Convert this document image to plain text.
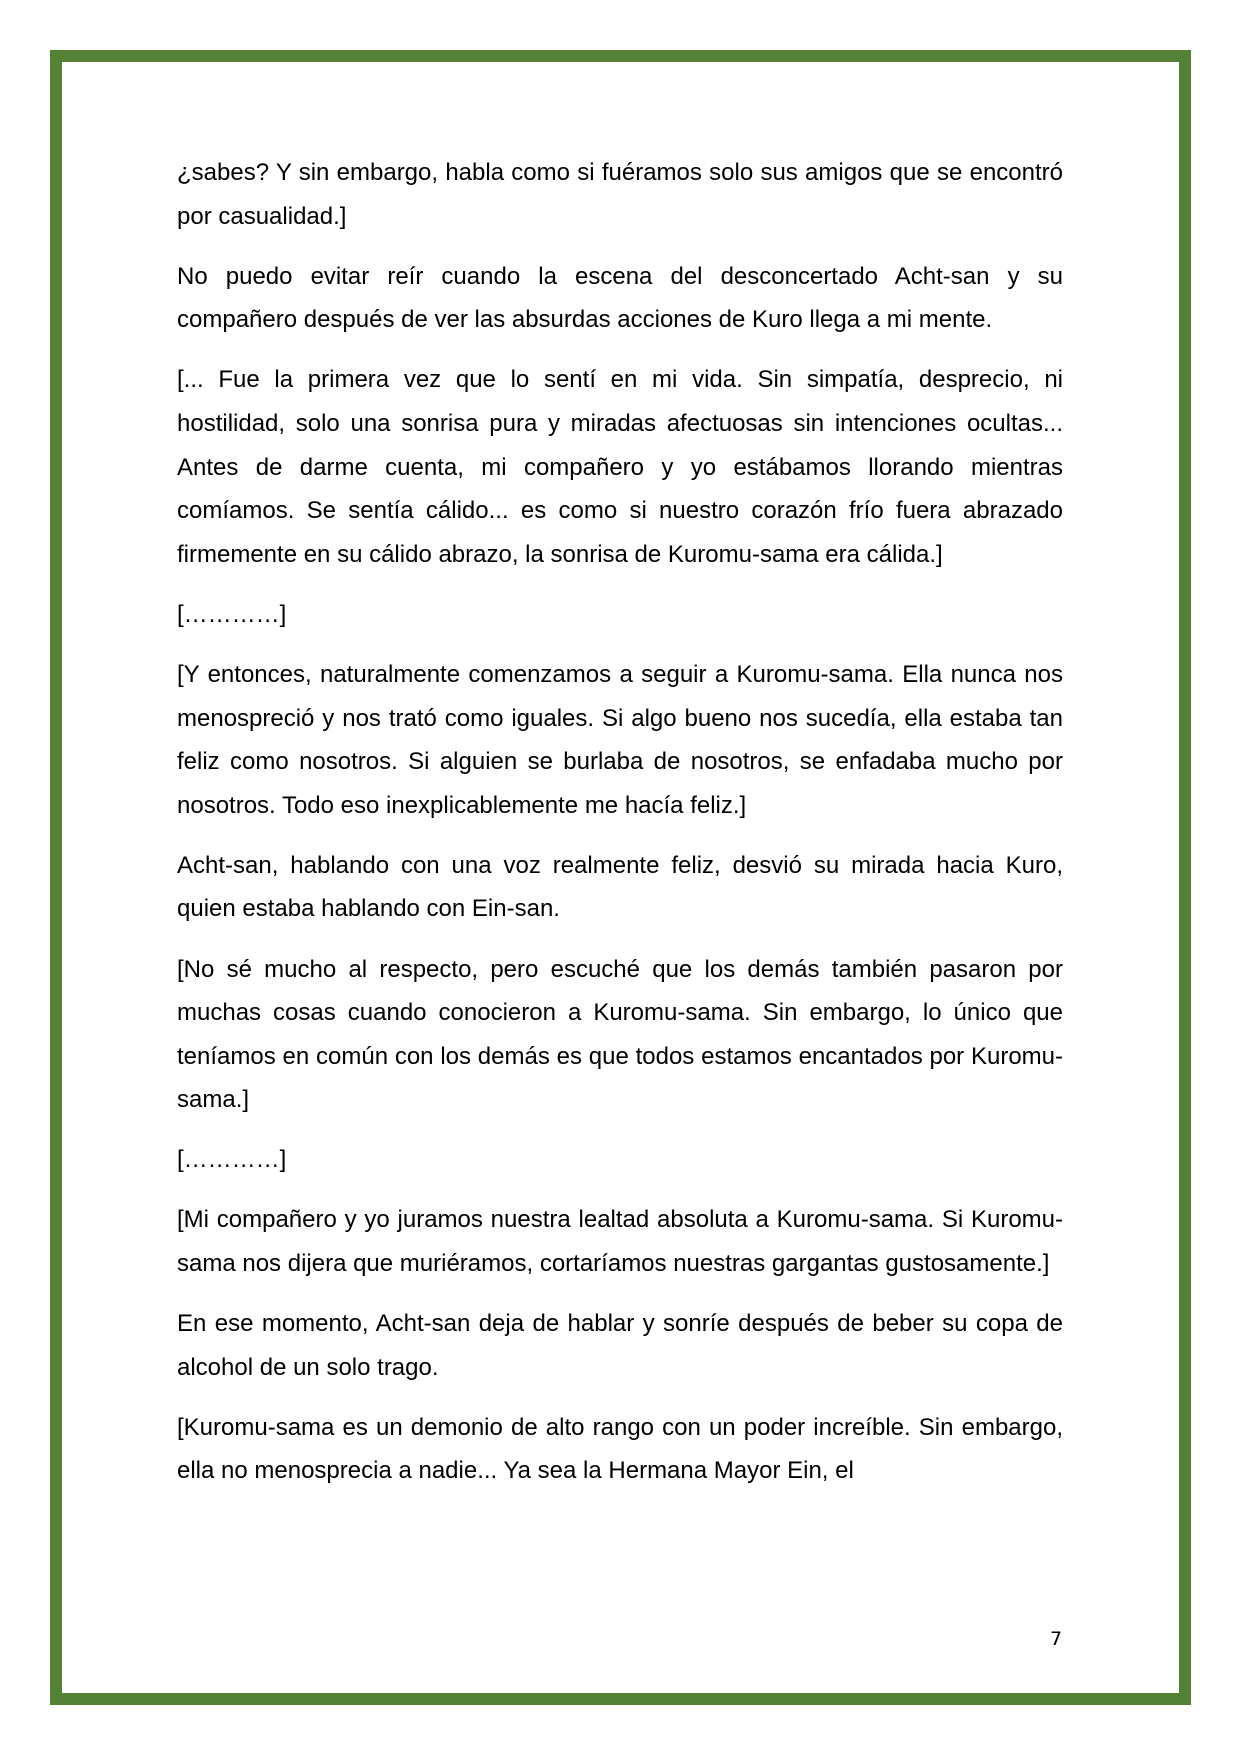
¿sabes? Y sin embargo, habla como si fuéramos solo sus amigos que se encontró por casualidad.]

No puedo evitar reír cuando la escena del desconcertado Acht-san y su compañero después de ver las absurdas acciones de Kuro llega a mi mente.

[... Fue la primera vez que lo sentí en mi vida. Sin simpatía, desprecio, ni hostilidad, solo una sonrisa pura y miradas afectuosas sin intenciones ocultas... Antes de darme cuenta, mi compañero y yo estábamos llorando mientras comíamos. Se sentía cálido... es como si nuestro corazón frío fuera abrazado firmemente en su cálido abrazo, la sonrisa de Kuromu-sama era cálida.]

[…………]

[Y entonces, naturalmente comenzamos a seguir a Kuromu-sama. Ella nunca nos menospreció y nos trató como iguales. Si algo bueno nos sucedía, ella estaba tan feliz como nosotros. Si alguien se burlaba de nosotros, se enfadaba mucho por nosotros. Todo eso inexplicablemente me hacía feliz.]

Acht-san, hablando con una voz realmente feliz, desvió su mirada hacia Kuro, quien estaba hablando con Ein-san.

[No sé mucho al respecto, pero escuché que los demás también pasaron por muchas cosas cuando conocieron a Kuromu-sama. Sin embargo, lo único que teníamos en común con los demás es que todos estamos encantados por Kuromu-sama.]

[…………]

[Mi compañero y yo juramos nuestra lealtad absoluta a Kuromu-sama. Si Kuromu-sama nos dijera que muriéramos, cortaríamos nuestras gargantas gustosamente.]

En ese momento, Acht-san deja de hablar y sonríe después de beber su copa de alcohol de un solo trago.

[Kuromu-sama es un demonio de alto rango con un poder increíble. Sin embargo, ella no menosprecia a nadie... Ya sea la Hermana Mayor Ein, el

7
